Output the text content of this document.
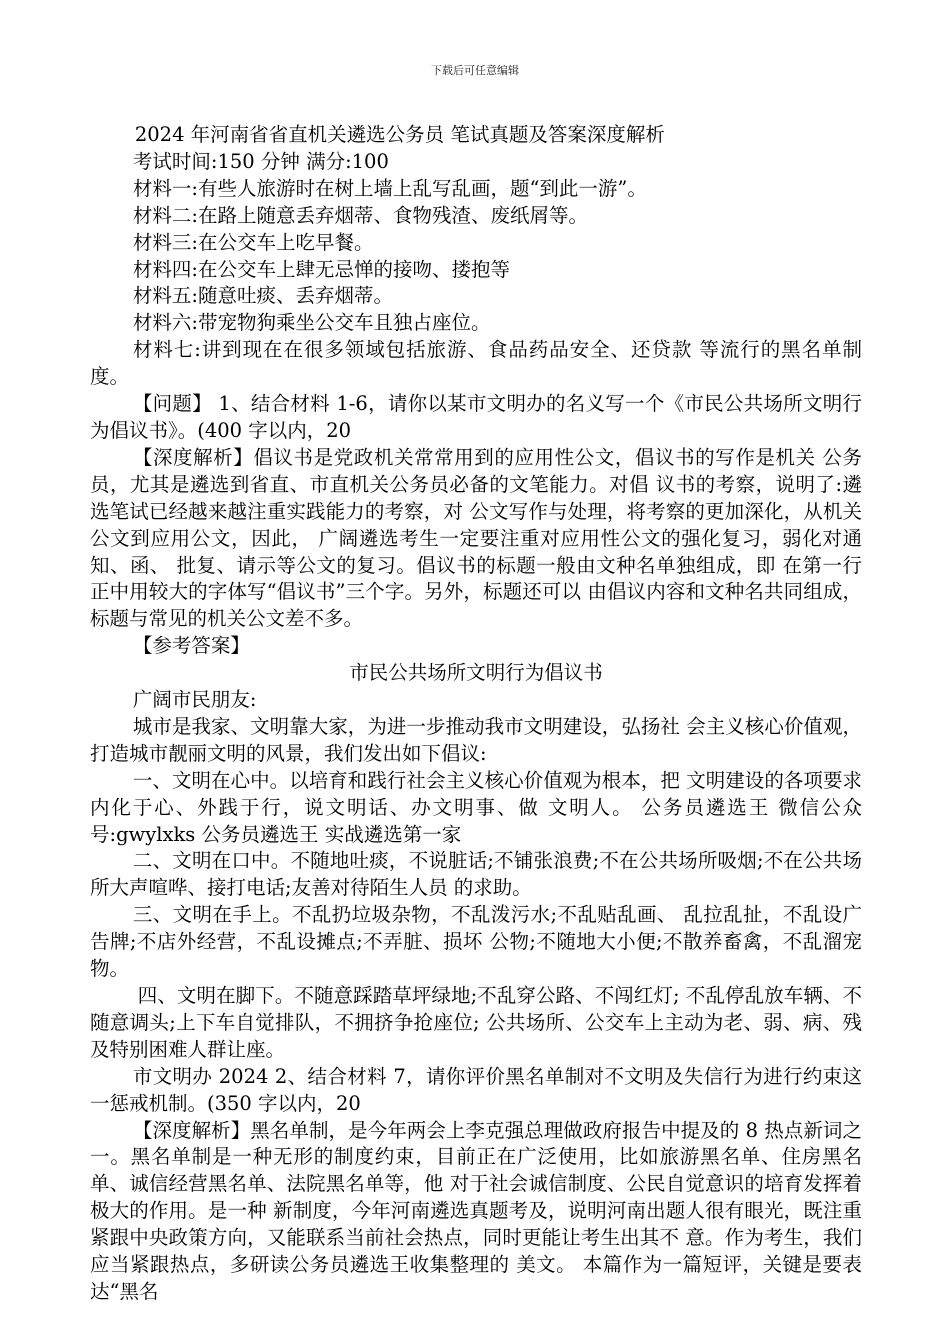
下载后可任意编辑

2024 年河南省省直机关遴选公务员 笔试真题及答案深度解析

考试时间:150 分钟 满分:100

材料一:有些人旅游时在树上墙上乱写乱画，题“到此一游”。

材料二:在路上随意丢弃烟蒂、食物残渣、废纸屑等。

材料三:在公交车上吃早餐。

材料四:在公交车上肆无忌惮的接吻、搂抱等

材料五:随意吐痰、丢弃烟蒂。

材料六:带宠物狗乘坐公交车且独占座位。

材料七:讲到现在在很多领域包括旅游、食品药品安全、还贷款 等流行的黑名单制度。

【问题】 1、结合材料 1-6，请你以某市文明办的名义写一个《市民公共场所文明行为倡议书》。(400 字以内，20

【深度解析】倡议书是党政机关常常用到的应用性公文，倡议书的写作是机关 公务员，尤其是遴选到省直、市直机关公务员必备的文笔能力。对倡 议书的考察，说明了:遴选笔试已经越来越注重实践能力的考察，对 公文写作与处理，将考察的更加深化，从机关公文到应用公文，因此， 广阔遴选考生一定要注重对应用性公文的强化复习，弱化对通知、函、 批复、请示等公文的复习。倡议书的标题一般由文种名单独组成，即 在第一行正中用较大的字体写“倡议书”三个字。另外，标题还可以 由倡议内容和文种名共同组成，标题与常见的机关公文差不多。

【参考答案】

市民公共场所文明行为倡议书

广阔市民朋友:

城市是我家、文明靠大家，为进一步推动我市文明建设，弘扬社 会主义核心价值观，打造城市靓丽文明的风景，我们发出如下倡议:

一、文明在心中。以培育和践行社会主义核心价值观为根本，把 文明建设的各项要求内化于心、外践于行，说文明话、办文明事、做 文明人。 公务员遴选王 微信公众号:gwylxks 公务员遴选王 实战遴选第一家

二、文明在口中。不随地吐痰，不说脏话;不铺张浪费;不在公共场所吸烟;不在公共场所大声喧哗、接打电话;友善对待陌生人员 的求助。

三、文明在手上。不乱扔垃圾杂物，不乱泼污水;不乱贴乱画、 乱拉乱扯，不乱设广告牌;不店外经营，不乱设摊点;不弄脏、损坏 公物;不随地大小便;不散养畜禽，不乱溜宠物。

四、文明在脚下。不随意踩踏草坪绿地;不乱穿公路、不闯红灯; 不乱停乱放车辆、不随意调头;上下车自觉排队，不拥挤争抢座位; 公共场所、公交车上主动为老、弱、病、残及特别困难人群让座。

市文明办 2024 2、结合材料 7，请你评价黑名单制对不文明及失信行为进行约束这一惩戒机制。(350 字以内，20

【深度解析】黑名单制，是今年两会上李克强总理做政府报告中提及的 8 热点新词之一。黑名单制是一种无形的制度约束，目前正在广泛使用，比如旅游黑名单、住房黑名单、诚信经营黑名单、法院黑名单等，他 对于社会诚信制度、公民自觉意识的培育发挥着极大的作用。是一种 新制度，今年河南遴选真题考及，说明河南出题人很有眼光，既注重 紧跟中央政策方向，又能联系当前社会热点，同时更能让考生出其不 意。作为考生，我们应当紧跟热点，多研读公务员遴选王收集整理的 美文。 本篇作为一篇短评，关键是要表达“黑名
